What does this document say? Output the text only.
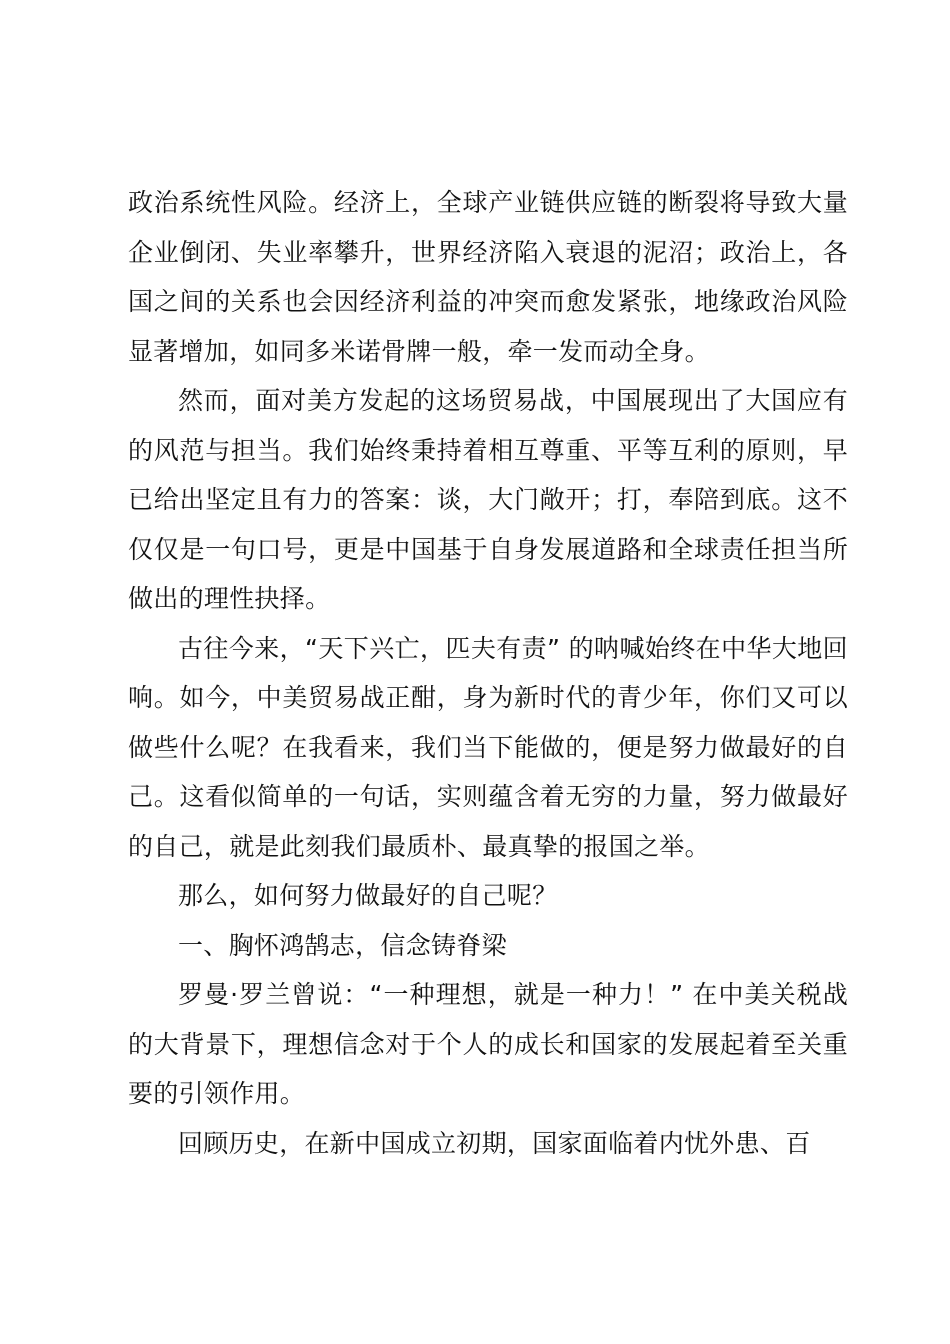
政治系统性风险。经济上，全球产业链供应链的断裂将导致大量企业倒闭、失业率攀升，世界经济陷入衰退的泥沼；政治上，各国之间的关系也会因经济利益的冲突而愈发紧张，地缘政治风险显著增加，如同多米诺骨牌一般，牵一发而动全身。

然而，面对美方发起的这场贸易战，中国展现出了大国应有的风范与担当。我们始终秉持着相互尊重、平等互利的原则，早已给出坚定且有力的答案：谈，大门敞开；打，奉陪到底。这不仅仅是一句口号，更是中国基于自身发展道路和全球责任担当所做出的理性抉择。

古往今来，“天下兴亡，匹夫有责” 的呐喊始终在中华大地回响。如今，中美贸易战正酣，身为新时代的青少年，你们又可以做些什么呢？在我看来，我们当下能做的，便是努力做最好的自己。这看似简单的一句话，实则蕴含着无穷的力量，努力做最好的自己，就是此刻我们最质朴、最真挚的报国之举。

那么，如何努力做最好的自己呢？

一、胸怀鸿鹄志，信念铸脊梁

罗曼·罗兰曾说：“一种理想，就是一种力！” 在中美关税战的大背景下，理想信念对于个人的成长和国家的发展起着至关重要的引领作用。

回顾历史，在新中国成立初期，国家面临着内忧外患、百
